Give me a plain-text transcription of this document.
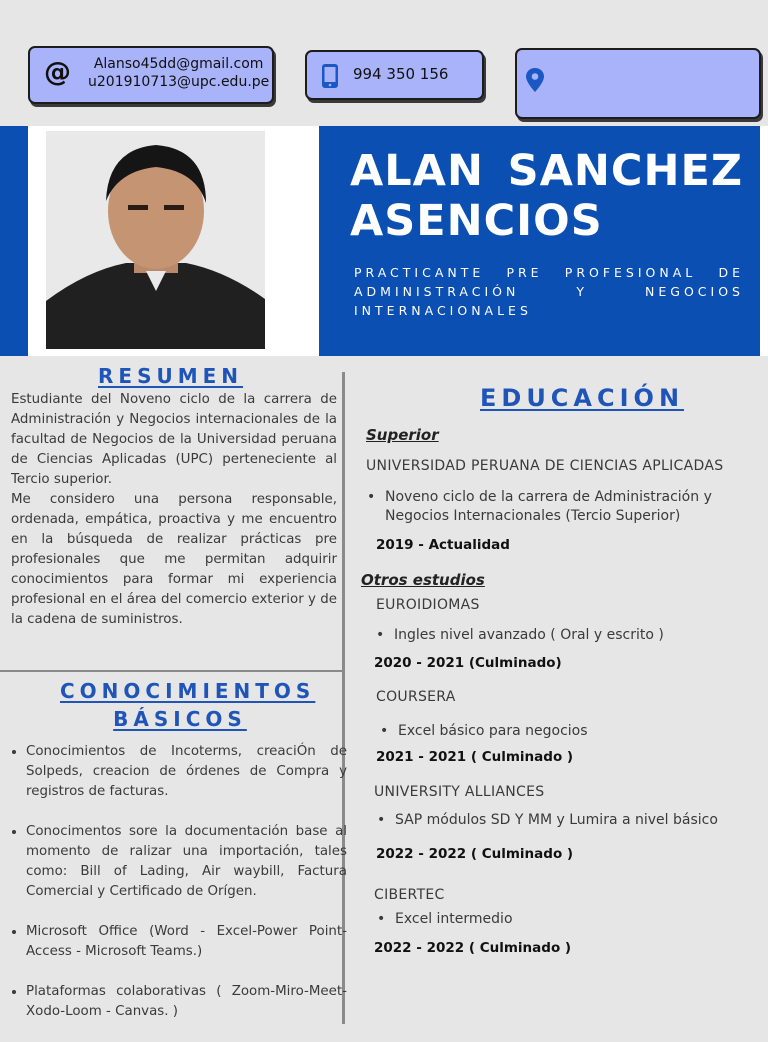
@	Alanso45dd@gmail.com
u201910713@upc.edu.pe	994 350 156
ALAN SANCHEZ
ASENCIOS
PRACTICANTE PRE PROFESIONAL DE
ADMINISTRACIÓN Y NEGOCIOS
INTERNACIONALES
RESUMEN

Estudiante del Noveno ciclo de la carrera de Administración y Negocios internacionales de la facultad de Negocios de la Universidad peruana de Ciencias Aplicadas (UPC) perteneciente al Tercio superior.

Me considero una persona responsable, ordenada, empática, proactiva y me encuentro en la búsqueda de realizar prácticas pre profesionales que me permitan adquirir conocimientos para formar mi experiencia profesional en el área del comercio exterior y de la cadena de suministros.

CONOCIMIENTOS
BÁSICOS
• Conocimientos de Incoterms, creaciÓn de Solpeds, creacion de órdenes de Compra y registros de facturas.
• Conocimentos sore la documentación base al momento de ralizar una importación, tales como: Bill of Lading, Air waybill, Factura Comercial y Certificado de Orígen.
• Microsoft Office (Word - Excel-Power Point-Access - Microsoft Teams.)
• Plataformas colaborativas ( Zoom-Miro-Meet- Xodo-Loom - Canvas. )
EDUCACIÓN
Superior
UNIVERSIDAD PERUANA DE CIENCIAS APLICADAS
• Noveno ciclo de la carrera de Administración y
Negocios Internacionales (Tercio Superior)
2019 - Actualidad
Otros estudios
EUROIDIOMAS
• Ingles nivel avanzado ( Oral y escrito )
2020 - 2021 (Culminado)
COURSERA
• Excel básico para negocios
2021 - 2021 ( Culminado )
UNIVERSITY ALLIANCES
• SAP módulos SD Y MM y Lumira a nivel básico
2022 - 2022 ( Culminado )
CIBERTEC
• Excel intermedio
2022 - 2022 ( Culminado )
